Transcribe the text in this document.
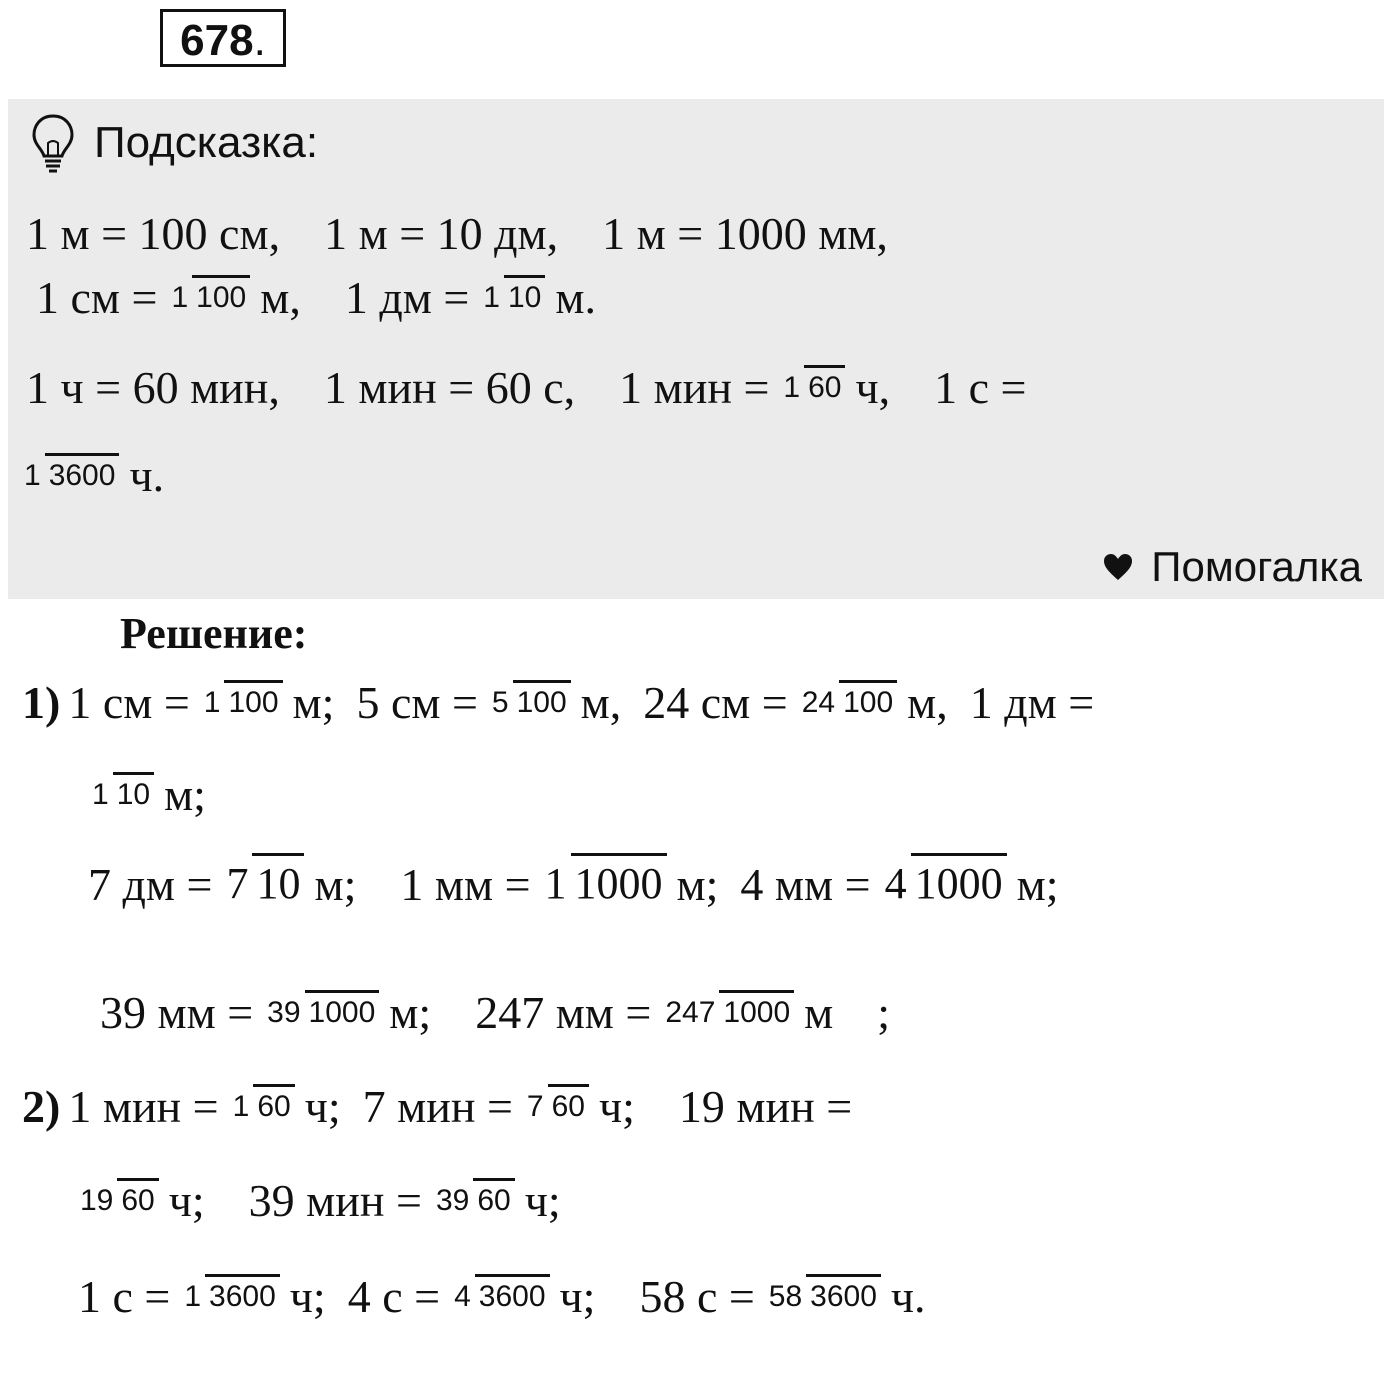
678.
Подсказка:
1 м = 100 см, 1 м = 10 дм, 1 м = 1000 мм,
1 см = 1 100 м, 1 дм = 1 10 м.
1 ч = 60 мин, 1 мин = 60 с, 1 мин = 1 60 ч, 1 с =
1 3600 ч.
Помогалка
Решение:
1) 1 см = 1 100 м; 5 см = 5 100 м, 24 см = 24 100 м, 1 дм =
1 10 м;
7 дм = 7 10 м; 1 мм = 1 1000 м; 4 мм = 4 1000 м;
39 мм = 39 1000 м; 247 мм = 247 1000 м ;
2) 1 мин = 1 60 ч; 7 мин = 7 60 ч; 19 мин =
19 60 ч; 39 мин = 39 60 ч;
1 с = 1 3600 ч; 4 с = 4 3600 ч; 58 с = 58 3600 ч.
